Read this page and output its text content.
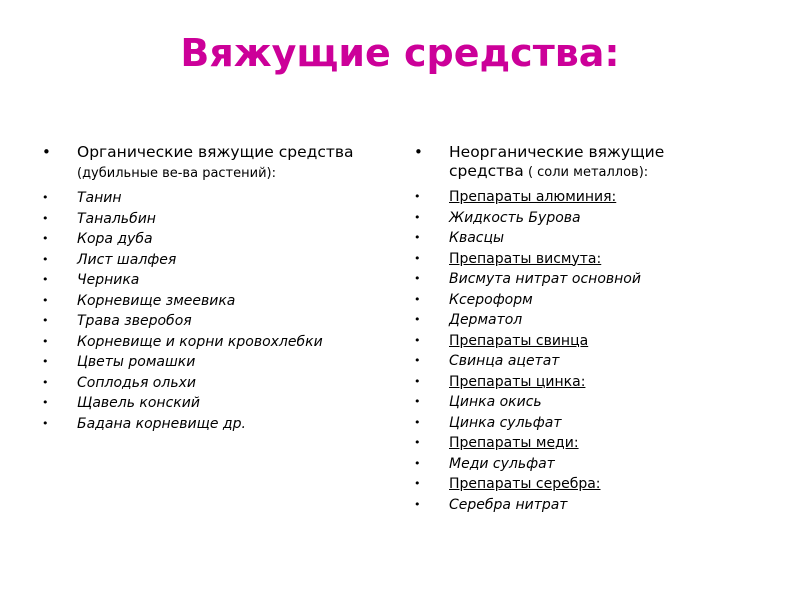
Вяжущие средства:
• Органические вяжущие средства (дубильные ве-ва растений):
• Танин
• Танальбин
• Кора дуба
• Лист шалфея
• Черника
• Корневище змеевика
• Трава зверобоя
• Корневище и корни кровохлебки
• Цветы ромашки
• Соплодья ольхи
• Щавель конский
• Бадана корневище др.
• Неорганические вяжущие средства ( соли металлов):
• Препараты алюминия:
• Жидкость Бурова
• Квасцы
• Препараты висмута:
• Висмута нитрат основной
• Ксероформ
• Дерматол
• Препараты свинца
• Свинца ацетат
• Препараты цинка:
• Цинка окись
• Цинка сульфат
• Препараты меди:
• Меди сульфат
• Препараты серебра:
• Серебра нитрат
